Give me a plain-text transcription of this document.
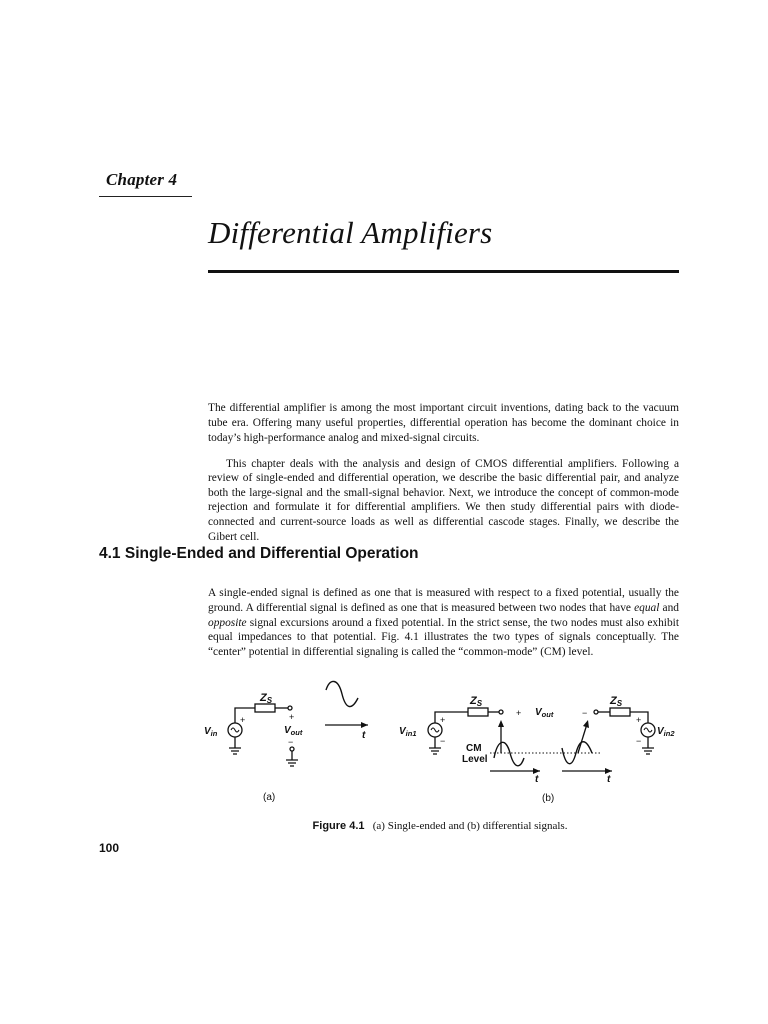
Chapter 4
Differential Amplifiers

The differential amplifier is among the most important circuit inventions, dating back to the vacuum tube era. Offering many useful properties, differential operation has become the dominant choice in today’s high-performance analog and mixed-signal circuits.

This chapter deals with the analysis and design of CMOS differential amplifiers. Following a review of single-ended and differential operation, we describe the basic differential pair, and analyze both the large-signal and the small-signal behavior. Next, we introduce the concept of common-mode rejection and formulate it for differential amplifiers. We then study differential pairs with diode-connected and current-source loads as well as differential cascode stages. Finally, we describe the Gibert cell.

4.1 Single-Ended and Differential Operation

A single-ended signal is defined as one that is measured with respect to a fixed potential, usually the ground. A differential signal is defined as one that is measured between two nodes that have equal and opposite signal excursions around a fixed potential. In the strict sense, the two nodes must also exhibit equal impedances to that potential. Fig. 4.1 illustrates the two types of signals conceptually. The “center” potential in differential signaling is called the “common-mode” (CM) level.

ZS
+
$V_{in}$
+
$V_{out}$
−
t
(a)
ZS	ZS
+ $V_{out}$	−
+
−
$V_{in1}$
+
−
$V_{in2}$
CM
Level
t	t
(b)
Figure 4.1 (a) Single-ended and (b) differential signals.
100
